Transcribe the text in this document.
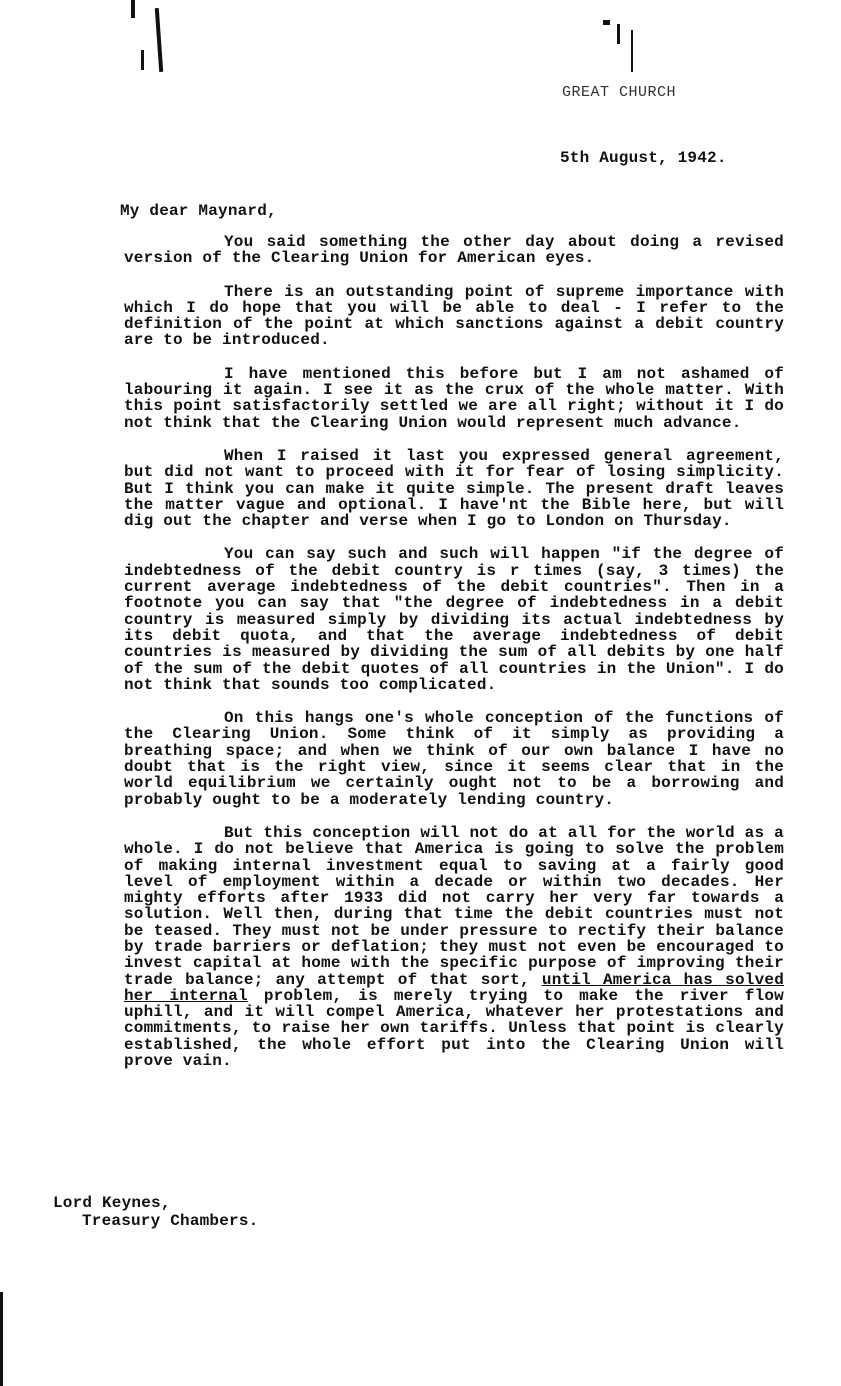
GREAT CHURCH
5th August, 1942.
My dear Maynard,

You said something the other day about doing a revised version of the Clearing Union for American eyes.

There is an outstanding point of supreme importance with which I do hope that you will be able to deal - I refer to the definition of the point at which sanctions against a debit country are to be introduced.

I have mentioned this before but I am not ashamed of labouring it again. I see it as the crux of the whole matter. With this point satisfactorily settled we are all right; without it I do not think that the Clearing Union would represent much advance.

When I raised it last you expressed general agreement, but did not want to proceed with it for fear of losing simplicity. But I think you can make it quite simple. The present draft leaves the matter vague and optional. I have'nt the Bible here, but will dig out the chapter and verse when I go to London on Thursday.

You can say such and such will happen "if the degree of indebtedness of the debit country is r times (say, 3 times) the current average indebtedness of the debit countries". Then in a footnote you can say that "the degree of indebtedness in a debit country is measured simply by dividing its actual indebtedness by its debit quota, and that the average indebtedness of debit countries is measured by dividing the sum of all debits by one half of the sum of the debit quotes of all countries in the Union". I do not think that sounds too complicated.

On this hangs one's whole conception of the functions of the Clearing Union. Some think of it simply as providing a breathing space; and when we think of our own balance I have no doubt that is the right view, since it seems clear that in the world equilibrium we certainly ought not to be a borrowing and probably ought to be a moderately lending country.

But this conception will not do at all for the world as a whole. I do not believe that America is going to solve the problem of making internal investment equal to saving at a fairly good level of employment within a decade or within two decades. Her mighty efforts after 1933 did not carry her very far towards a solution. Well then, during that time the debit countries must not be teased. They must not be under pressure to rectify their balance by trade barriers or deflation; they must not even be encouraged to invest capital at home with the specific purpose of improving their trade balance; any attempt of that sort, until America has solved her internal problem, is merely trying to make the river flow uphill, and it will compel America, whatever her protestations and commitments, to raise her own tariffs. Unless that point is clearly established, the whole effort put into the Clearing Union will prove vain.

Lord Keynes,
Treasury Chambers.
